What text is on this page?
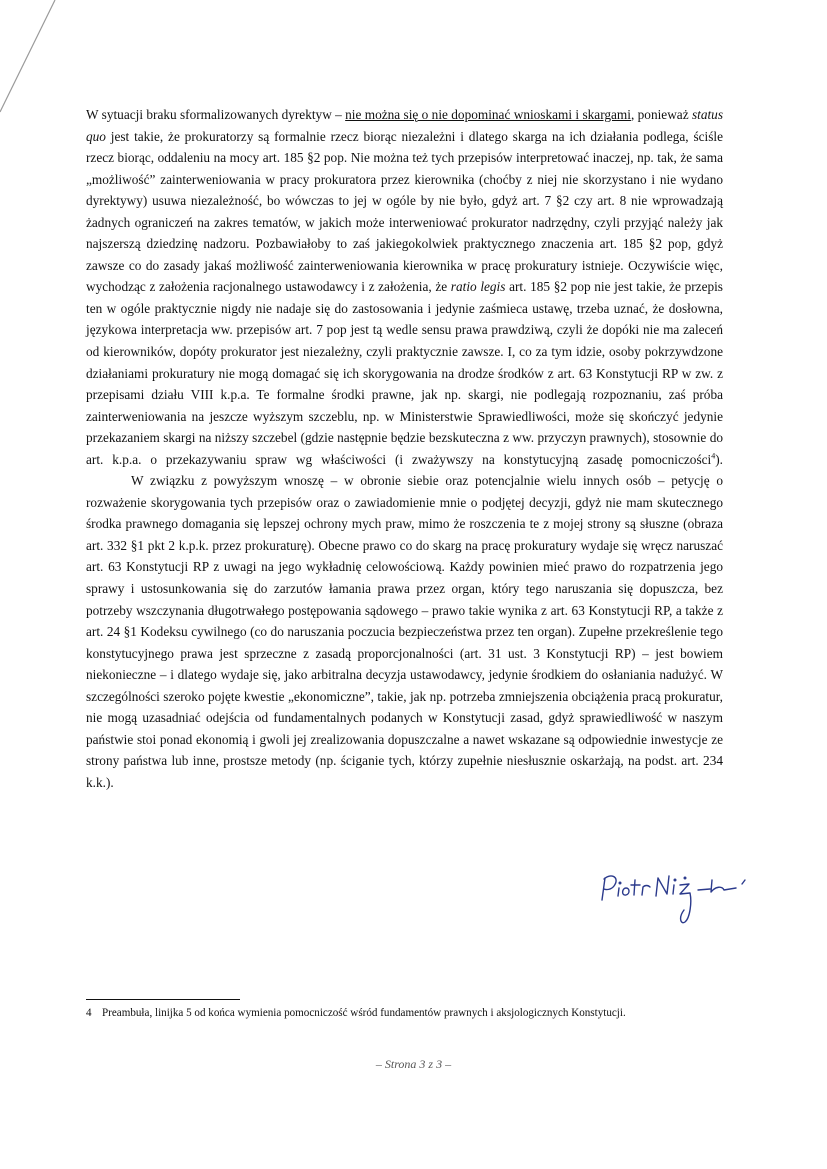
W sytuacji braku sformalizowanych dyrektyw – nie można się o nie dopominać wnioskami i skargami, ponieważ status quo jest takie, że prokuratorzy są formalnie rzecz biorąc niezależni i dlatego skarga na ich działania podlega, ściśle rzecz biorąc, oddaleniu na mocy art. 185 §2 pop. Nie można też tych przepisów interpretować inaczej, np. tak, że sama „możliwość” zainterweniowania w pracy prokuratora przez kierownika (choćby z niej nie skorzystano i nie wydano dyrektywy) usuwa niezależność, bo wówczas to jej w ogóle by nie było, gdyż art. 7 §2 czy art. 8 nie wprowadzają żadnych ograniczeń na zakres tematów, w jakich może interweniować prokurator nadrzędny, czyli przyjąć należy jak najszerszą dziedzinę nadzoru. Pozbawiałoby to zaś jakiegokolwiek praktycznego znaczenia art. 185 §2 pop, gdyż zawsze co do zasady jakaś możliwość zainterweniowania kierownika w pracę prokuratury istnieje. Oczywiście więc, wychodząc z założenia racjonalnego ustawodawcy i z założenia, że ratio legis art. 185 §2 pop nie jest takie, że przepis ten w ogóle praktycznie nigdy nie nadaje się do zastosowania i jedynie zaśmieca ustawę, trzeba uznać, że dosłowna, językowa interpretacja ww. przepisów art. 7 pop jest tą wedle sensu prawa prawdziwą, czyli że dopóki nie ma zaleceń od kierowników, dopóty prokurator jest niezależny, czyli praktycznie zawsze. I, co za tym idzie, osoby pokrzywdzone działaniami prokuratury nie mogą domagać się ich skorygowania na drodze środków z art. 63 Konstytucji RP w zw. z przepisami działu VIII k.p.a. Te formalne środki prawne, jak np. skargi, nie podlegają rozpoznaniu, zaś próba zainterweniowania na jeszcze wyższym szczeblu, np. w Ministerstwie Sprawiedliwości, może się skończyć jedynie przekazaniem skargi na niższy szczebel (gdzie następnie będzie bezskuteczna z ww. przyczyn prawnych), stosownie do art. k.p.a. o przekazywaniu spraw wg właściwości (i zważywszy na konstytucyjną zasadę pomocniczości$^4$).

W związku z powyższym wnoszę – w obronie siebie oraz potencjalnie wielu innych osób – petycję o rozważenie skorygowania tych przepisów oraz o zawiadomienie mnie o podjętej decyzji, gdyż nie mam skutecznego środka prawnego domagania się lepszej ochrony mych praw, mimo że roszczenia te z mojej strony są słuszne (obraza art. 332 §1 pkt 2 k.p.k. przez prokuraturę). Obecne prawo co do skarg na pracę prokuratury wydaje się wręcz naruszać art. 63 Konstytucji RP z uwagi na jego wykładnię celowościową. Każdy powinien mieć prawo do rozpatrzenia jego sprawy i ustosunkowania się do zarzutów łamania prawa przez organ, który tego naruszania się dopuszcza, bez potrzeby wszczynania długotrwałego postępowania sądowego – prawo takie wynika z art. 63 Konstytucji RP, a także z art. 24 §1 Kodeksu cywilnego (co do naruszania poczucia bezpieczeństwa przez ten organ). Zupełne przekreślenie tego konstytucyjnego prawa jest sprzeczne z zasadą proporcjonalności (art. 31 ust. 3 Konstytucji RP) – jest bowiem niekonieczne – i dlatego wydaje się, jako arbitralna decyzja ustawodawcy, jedynie środkiem do osłaniania nadużyć. W szczególności szeroko pojęte kwestie „ekonomiczne”, takie, jak np. potrzeba zmniejszenia obciążenia pracą prokuratur, nie mogą uzasadniać odejścia od fundamentalnych podanych w Konstytucji zasad, gdyż sprawiedliwość w naszym państwie stoi ponad ekonomią i gwoli jej zrealizowania dopuszczalne a nawet wskazane są odpowiednie inwestycje ze strony państwa lub inne, prostsze metody (np. ściganie tych, którzy zupełnie niesłusznie oskarżają, na podst. art. 234 k.k.).

4 Preambuła, linijka 5 od końca wymienia pomocniczość wśród fundamentów prawnych i aksjologicznych Konstytucji.
– Strona 3 z 3 –
